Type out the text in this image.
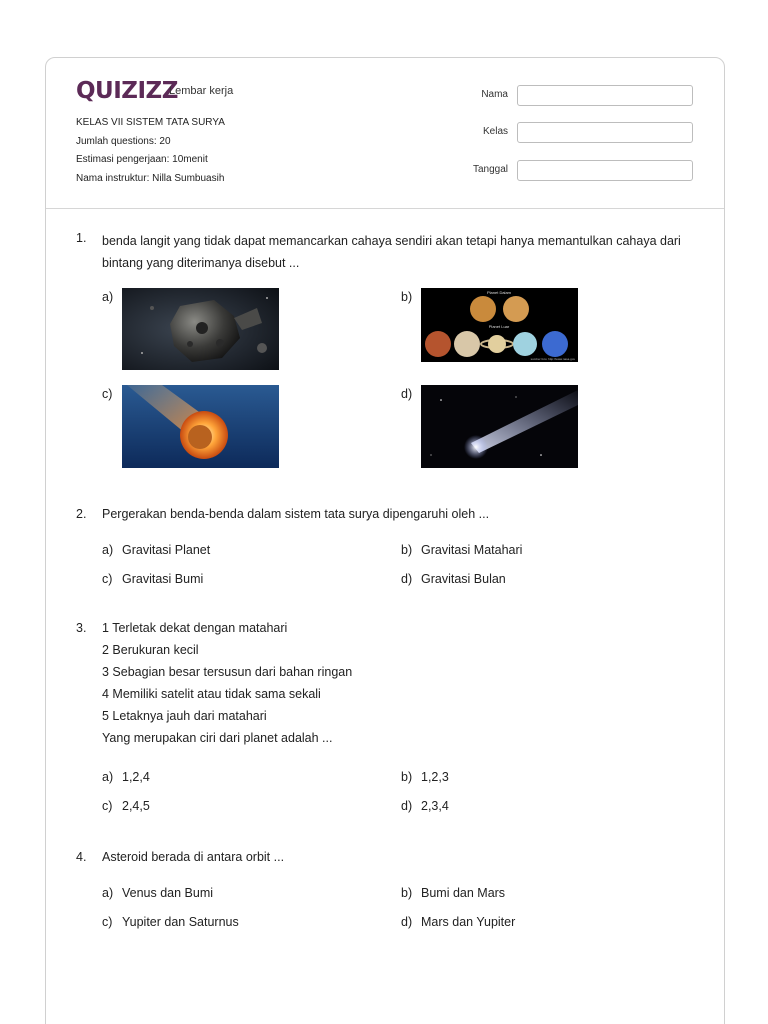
QUIZIZZ
Lembar kerja
KELAS VII SISTEM TATA SURYA
Jumlah questions: 20
Estimasi pengerjaan: 10menit
Nama instruktur: Nilla Sumbuasih
Nama
Kelas
Tanggal
1. benda langit yang tidak dapat memancarkan cahaya sendiri akan tetapi hanya memantulkan cahaya dari bintang yang diterimanya disebut ...
a)	b)	Planet Dalam
Planet Luar
sumber foto: http://www.nasa.gov
c)	d)
2. Pergerakan benda-benda dalam sistem tata surya dipengaruhi oleh ...
a) Gravitasi Planet	b) Gravitasi Matahari
c) Gravitasi Bumi	d) Gravitasi Bulan
3. 1 Terletak dekat dengan matahari
2 Berukuran kecil
3 Sebagian besar tersusun dari bahan ringan
4 Memiliki satelit atau tidak sama sekali
5 Letaknya jauh dari matahari
Yang merupakan ciri dari planet adalah ...
a) 1,2,4	b) 1,2,3
c) 2,4,5	d) 2,3,4
4. Asteroid berada di antara orbit ...
a) Venus dan Bumi	b) Bumi dan Mars
c) Yupiter dan Saturnus	d) Mars dan Yupiter
